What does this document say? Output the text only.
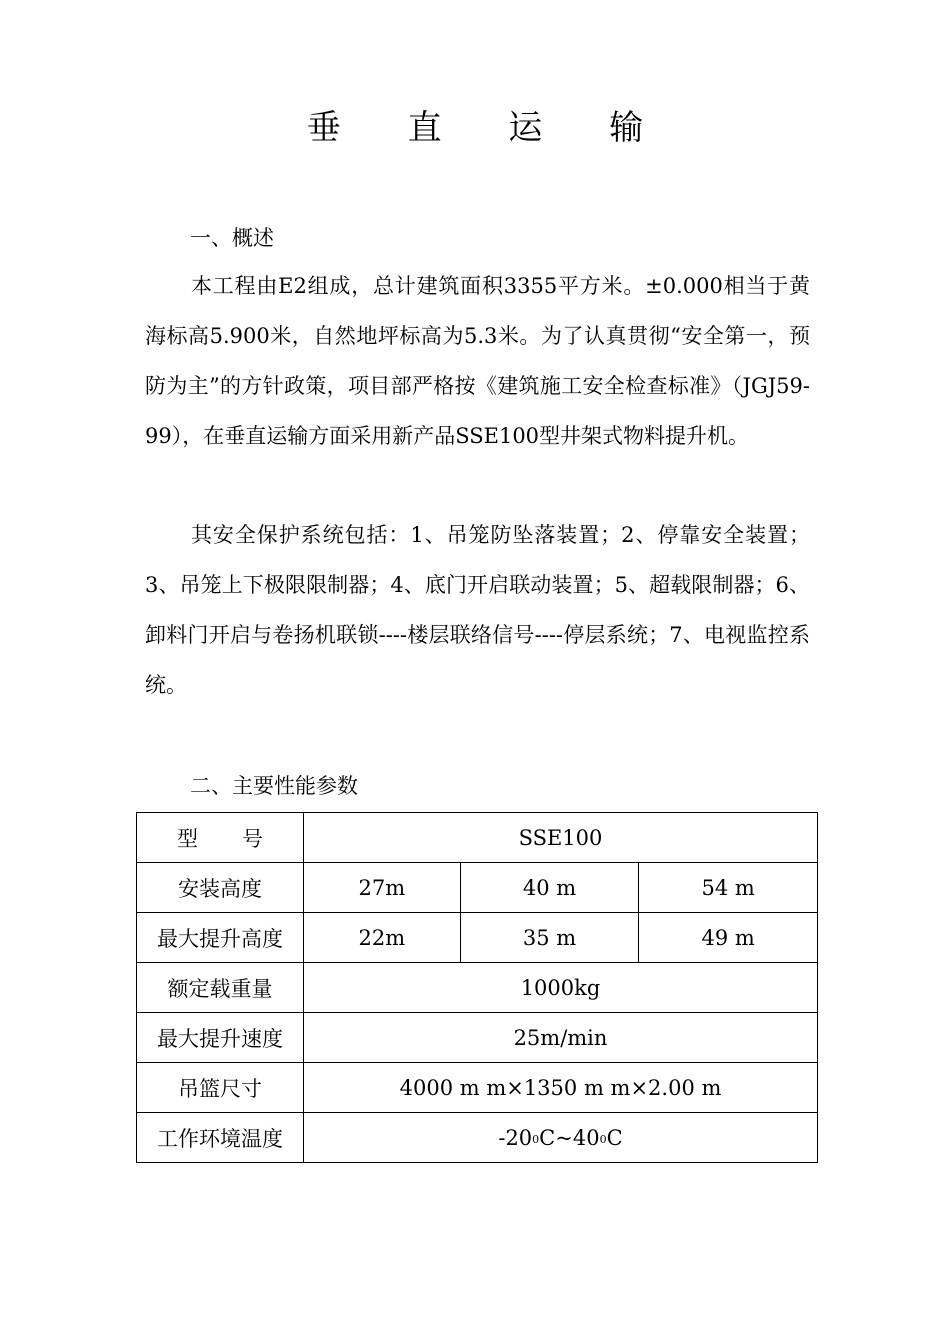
垂 直 运 输
一、概述

本工程由E2组成，总计建筑面积3355平方米。±0.000相当于黄海标高5.900米，自然地坪标高为5.3米。为了认真贯彻“安全第一，预防为主”的方针政策，项目部严格按《建筑施工安全检查标准》（JGJ59-99），在垂直运输方面采用新产品SSE100型井架式物料提升机。

其安全保护系统包括：1、吊笼防坠落装置；2、停靠安全装置；3、吊笼上下极限限制器；4、底门开启联动装置；5、超载限制器；6、卸料门开启与卷扬机联锁----楼层联络信号----停层系统；7、电视监控系统。

二、主要性能参数
型 号	SSE100		
安装高度	27m	40 m	54 m
最大提升高度	22m	35 m	49 m
额定载重量	1000kg		
最大提升速度	25m/min		
吊篮尺寸	4000 m m×1350 m m×2.00 m		
工作环境温度	$-20^0C\sim 40^0C$		
